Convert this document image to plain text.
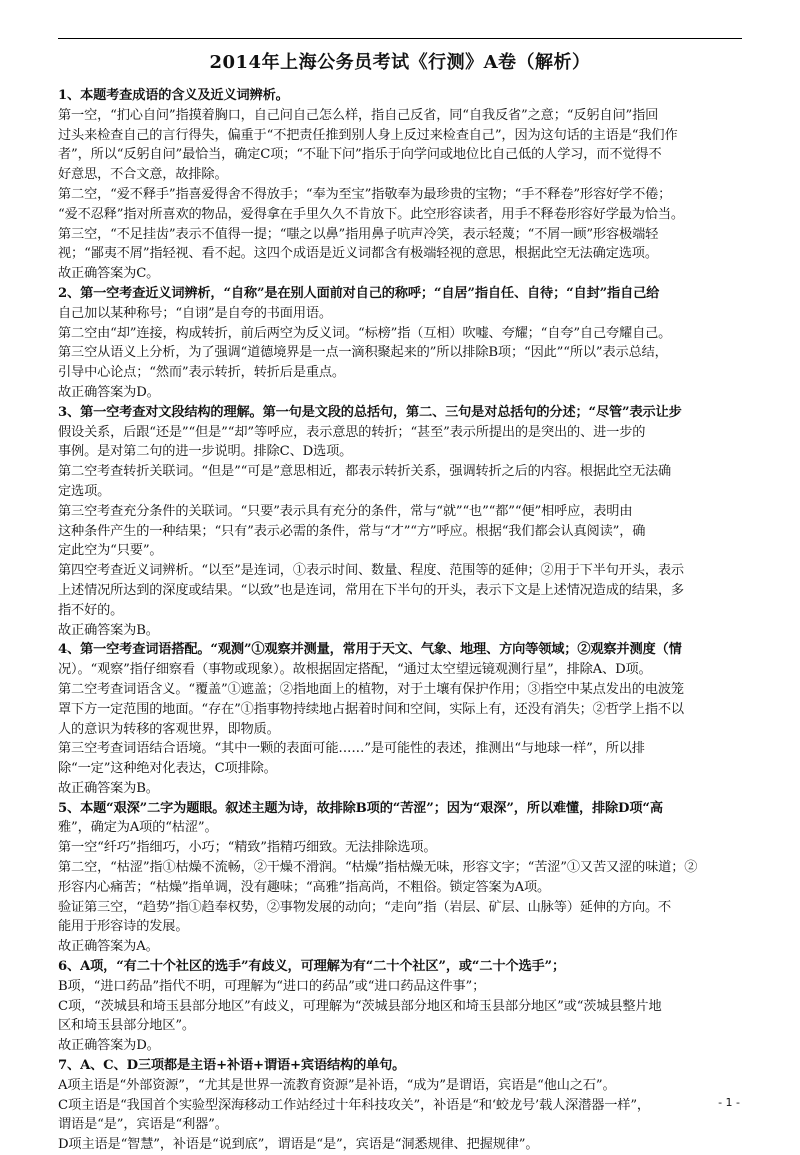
2014年上海公务员考试《行测》A卷（解析）
1、本题考查成语的含义及近义词辨析。
第一空，“扪心自问”指摸着胸口，自己问自己怎么样，指自己反省，同“自我反省”之意；“反躬自问”指回
过头来检查自己的言行得失，偏重于“不把责任推到别人身上反过来检查自己”，因为这句话的主语是“我们作
者”，所以“反躬自问”最恰当，确定C项；“不耻下问”指乐于向学问或地位比自己低的人学习，而不觉得不
好意思，不合文意，故排除。
第二空，“爱不释手”指喜爱得舍不得放手；“奉为至宝”指敬奉为最珍贵的宝物；“手不释卷”形容好学不倦；
“爱不忍释”指对所喜欢的物品，爱得拿在手里久久不肯放下。此空形容读者，用手不释卷形容好学最为恰当。
第三空，“不足挂齿”表示不值得一提；“嗤之以鼻”指用鼻子吭声冷笑，表示轻蔑；“不屑一顾”形容极端轻
视；“鄙夷不屑”指轻视、看不起。这四个成语是近义词都含有极端轻视的意思，根据此空无法确定选项。
故正确答案为C。
2、第一空考查近义词辨析，“自称”是在别人面前对自己的称呼；“自居”指自任、自待；“自封”指自己给
自己加以某种称号；“自诩”是自夸的书面用语。
第二空由“却”连接，构成转折，前后两空为反义词。“标榜”指（互相）吹嘘、夸耀；“自夸”自己夸耀自己。
第三空从语义上分析，为了强调“道德境界是一点一滴积聚起来的”所以排除B项；“因此”“所以”表示总结，
引导中心论点；“然而”表示转折，转折后是重点。
故正确答案为D。
3、第一空考查对文段结构的理解。第一句是文段的总括句，第二、三句是对总括句的分述；“尽管”表示让步
假设关系，后跟“还是”“但是”“却”等呼应，表示意思的转折；“甚至”表示所提出的是突出的、进一步的
事例。是对第二句的进一步说明。排除C、D选项。
第二空考查转折关联词。“但是”“可是”意思相近，都表示转折关系，强调转折之后的内容。根据此空无法确
定选项。
第三空考查充分条件的关联词。“只要”表示具有充分的条件，常与“就”“也”“都”“便”相呼应，表明由
这种条件产生的一种结果；“只有”表示必需的条件，常与“才”“方”呼应。根据“我们都会认真阅读”，确
定此空为“只要”。
第四空考查近义词辨析。“以至”是连词，①表示时间、数量、程度、范围等的延伸；②用于下半句开头，表示
上述情况所达到的深度或结果。“以致”也是连词，常用在下半句的开头，表示下文是上述情况造成的结果，多
指不好的。
故正确答案为B。
4、第一空考查词语搭配。“观测”①观察并测量，常用于天文、气象、地理、方向等领域；②观察并测度（情
况）。“观察”指仔细察看（事物或现象）。故根据固定搭配，“通过太空望远镜观测行星”，排除A、D项。
第二空考查词语含义。“覆盖”①遮盖；②指地面上的植物，对于土壤有保护作用；③指空中某点发出的电波笼
罩下方一定范围的地面。“存在”①指事物持续地占据着时间和空间，实际上有，还没有消失；②哲学上指不以
人的意识为转移的客观世界，即物质。
第三空考查词语结合语境。“其中一颗的表面可能‥‥‥”是可能性的表述，推测出“与地球一样”，所以排
除“一定”这种绝对化表达，C项排除。
故正确答案为B。
5、本题“艰深”二字为题眼。叙述主题为诗，故排除B项的“苦涩”；因为“艰深”，所以难懂，排除D项“高
雅”，确定为A项的“枯涩”。
第一空“纤巧”指细巧，小巧；“精致”指精巧细致。无法排除选项。
第二空，“枯涩”指①枯燥不流畅，②干燥不滑润。“枯燥”指枯燥无味，形容文字；“苦涩”①又苦又涩的味道；②
形容内心痛苦；“枯燥”指单调，没有趣味；“高雅”指高尚，不粗俗。锁定答案为A项。
验证第三空，“趋势”指①趋奉权势，②事物发展的动向；“走向”指（岩层、矿层、山脉等）延伸的方向。不
能用于形容诗的发展。
故正确答案为A。
6、A项，“有二十个社区的选手”有歧义，可理解为有“二十个社区”，或“二十个选手”；
B项，“进口药品”指代不明，可理解为“进口的药品”或“进口药品这件事”；
C项，“茨城县和埼玉县部分地区”有歧义，可理解为“茨城县部分地区和埼玉县部分地区”或“茨城县整片地
区和埼玉县部分地区”。
故正确答案为D。
7、A、C、D三项都是主语+补语+谓语+宾语结构的单句。
A项主语是“外部资源”，“尤其是世界一流教育资源”是补语，“成为”是谓语，宾语是“他山之石”。
C项主语是“我国首个实验型深海移动工作站经过十年科技攻关”，补语是“和‘蛟龙号’载人深潜器一样”，
谓语是“是”，宾语是“利器”。
D项主语是“智慧”，补语是“说到底”，谓语是“是”，宾语是“洞悉规律、把握规律”。
- 1 -
